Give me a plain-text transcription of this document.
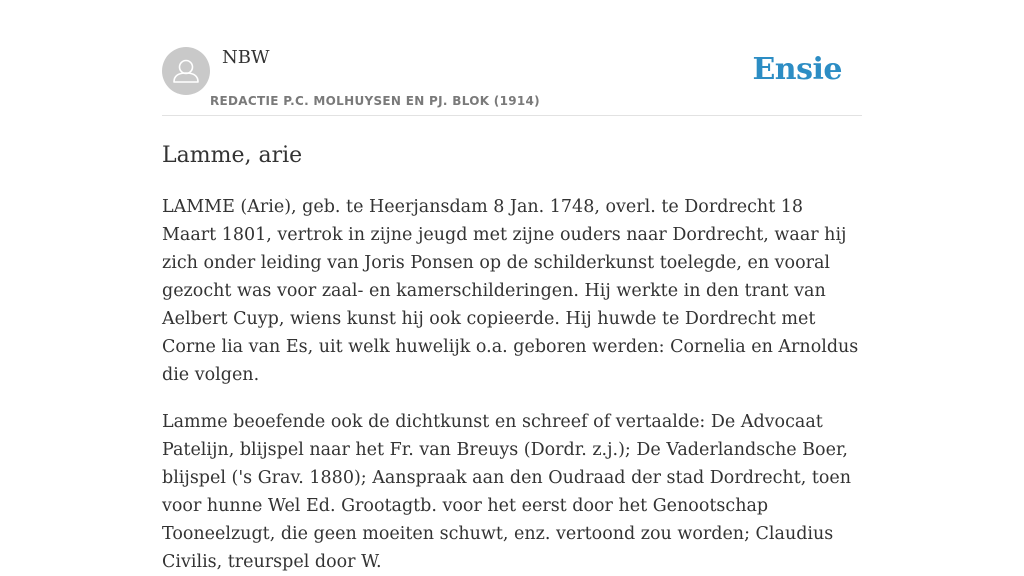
NBW
REDACTIE P.C. MOLHUYSEN EN PJ. BLOK (1914)
Ensie
Lamme, arie

LAMME (Arie), geb. te Heerjansdam 8 Jan. 1748, overl. te Dordrecht 18 Maart 1801, vertrok in zijne jeugd met zijne ouders naar Dordrecht, waar hij zich onder leiding van Joris Ponsen op de schilderkunst toelegde, en vooral gezocht was voor zaal- en kamerschilderingen. Hij werkte in den trant van Aelbert Cuyp, wiens kunst hij ook copieerde. Hij huwde te Dordrecht met Corne lia van Es, uit welk huwelijk o.a. geboren werden: Cornelia en Arnoldus die volgen.

Lamme beoefende ook de dichtkunst en schreef of vertaalde: De Advocaat Patelijn, blijspel naar het Fr. van Breuys (Dordr. z.j.); De Vaderlandsche Boer, blijspel ('s Grav. 1880); Aanspraak aan den Oudraad der stad Dordrecht, toen voor hunne Wel Ed. Grootagtb. voor het eerst door het Genootschap Tooneelzugt, die geen moeiten schuwt, enz. vertoond zou worden; Claudius Civilis, treurspel door W.
